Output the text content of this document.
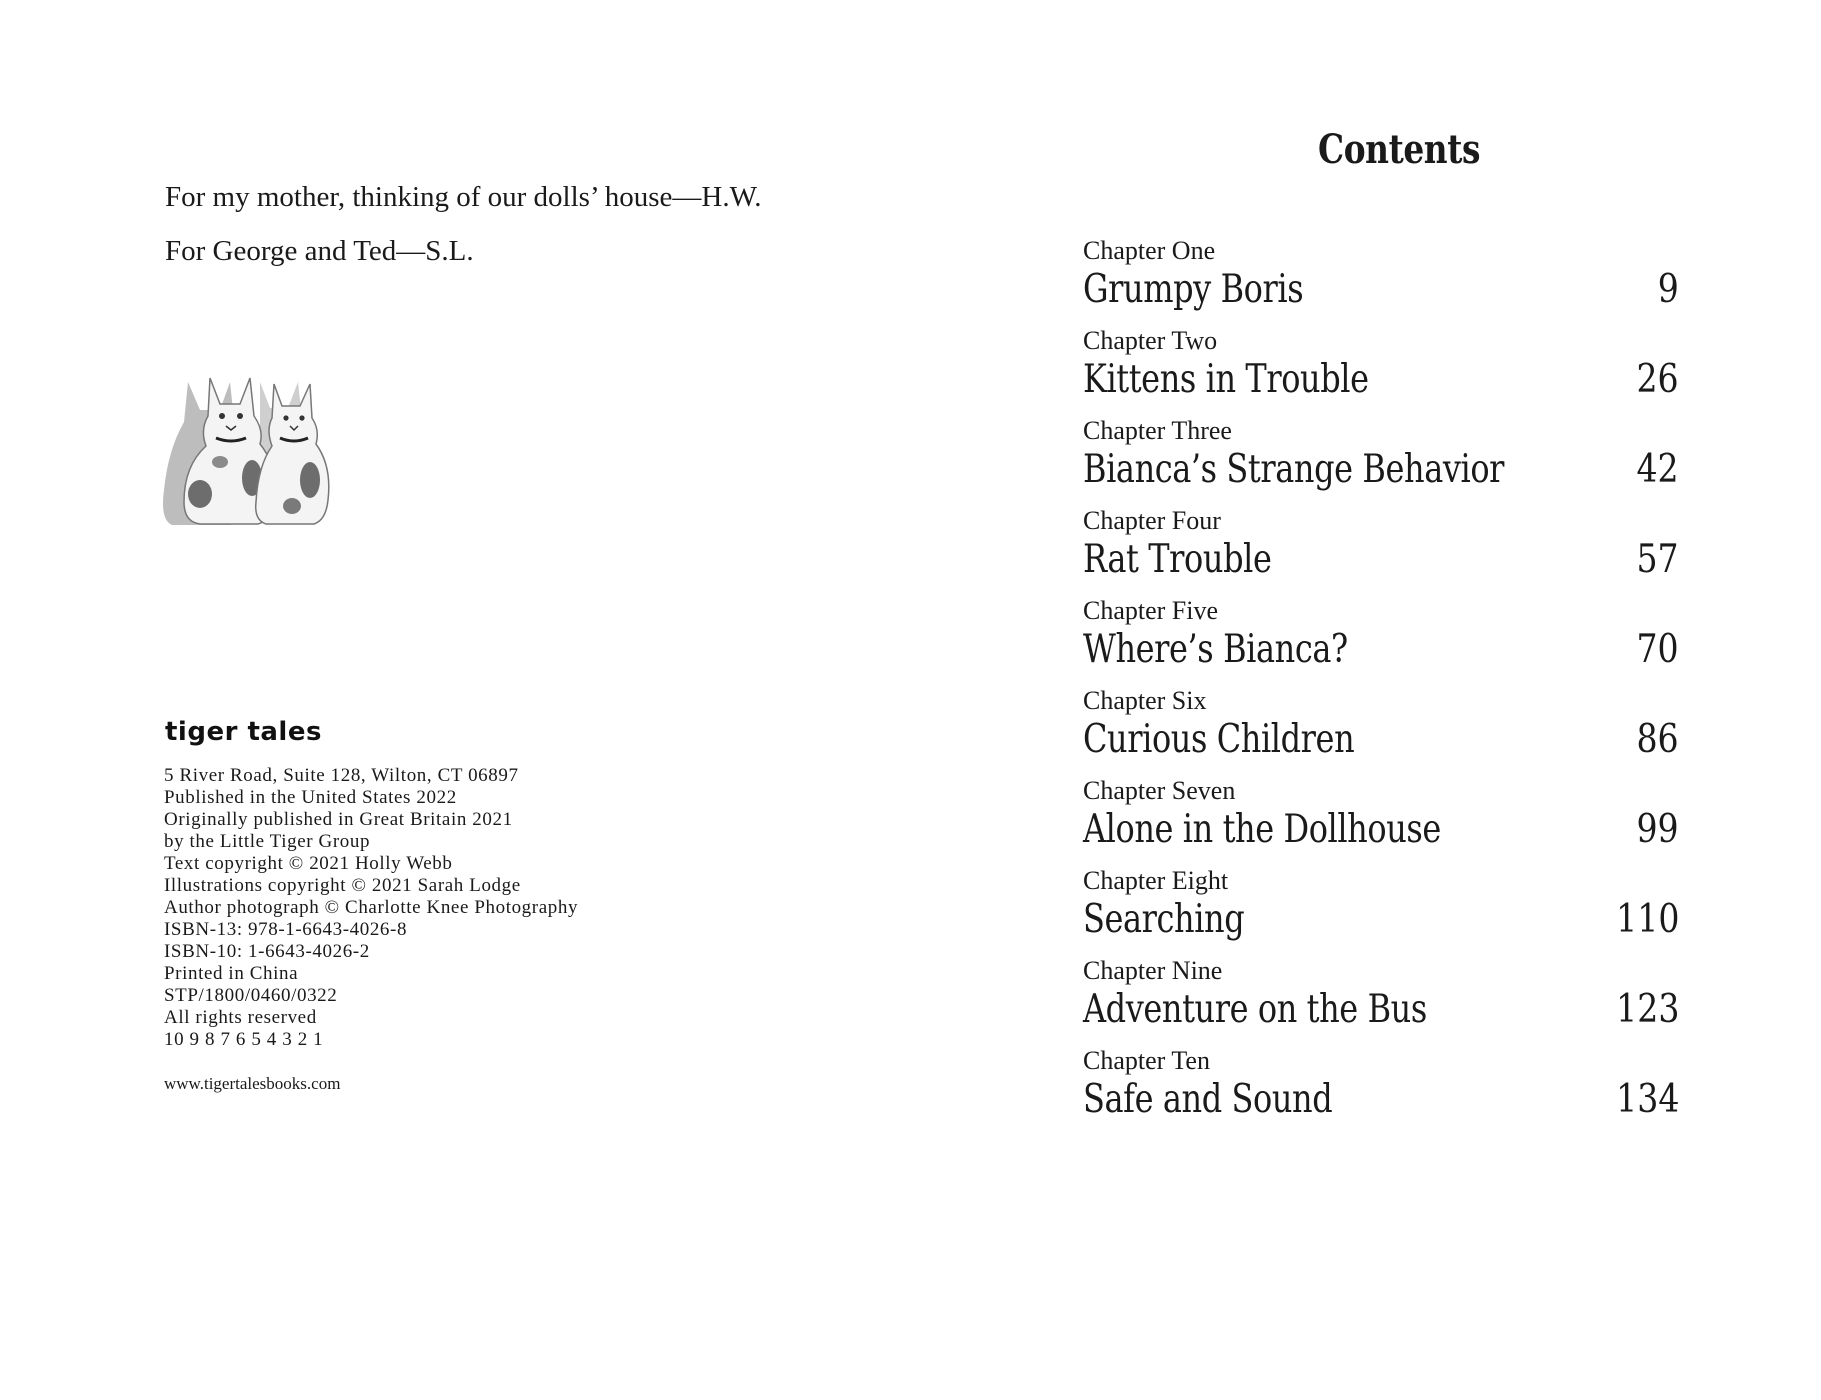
For my mother, thinking of our dolls’ house—H.W.

For George and Ted—S.L.

tiger tales
5 River Road, Suite 128, Wilton, CT 06897
Published in the United States 2022
Originally published in Great Britain 2021
by the Little Tiger Group
Text copyright © 2021 Holly Webb
Illustrations copyright © 2021 Sarah Lodge
Author photograph © Charlotte Knee Photography
ISBN-13: 978-1-6643-4026-8
ISBN-10: 1-6643-4026-2
Printed in China
STP/1800/0460/0322
All rights reserved
10 9 8 7 6 5 4 3 2 1
www.tigertalesbooks.com
Contents
Chapter One
Grumpy Boris	9
Chapter Two
Kittens in Trouble	26
Chapter Three
Bianca’s Strange Behavior	42
Chapter Four
Rat Trouble	57
Chapter Five
Where’s Bianca?	70
Chapter Six
Curious Children	86
Chapter Seven
Alone in the Dollhouse	99
Chapter Eight
Searching	110
Chapter Nine
Adventure on the Bus	123
Chapter Ten
Safe and Sound	134
